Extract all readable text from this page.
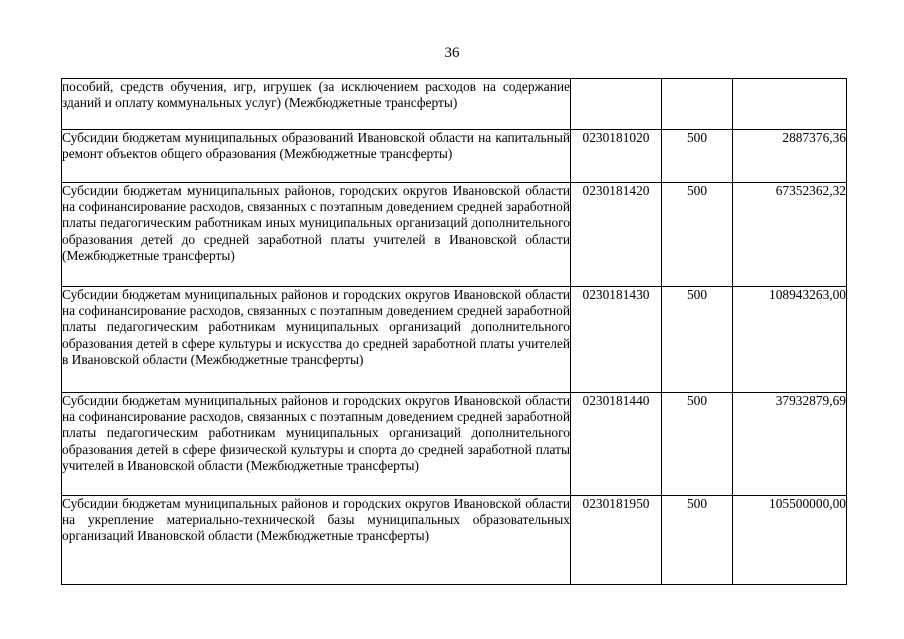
36
пособий, средств обучения, игр, игрушек (за исключением расходов на содержание зданий и оплату коммунальных услуг) (Межбюджетные трансферты)			
Субсидии бюджетам муниципальных образований Ивановской области на капитальный ремонт объектов общего образования (Межбюджетные трансферты)	0230181020	500	2887376,36
Субсидии бюджетам муниципальных районов, городских округов Ивановской области на софинансирование расходов, связанных с поэтапным доведением средней заработной платы педагогическим работникам иных муниципальных организаций дополнительного образования детей до средней заработной платы учителей в Ивановской области (Межбюджетные трансферты)	0230181420	500	67352362,32
Субсидии бюджетам муниципальных районов и городских округов Ивановской области на софинансирование расходов, связанных с поэтапным доведением средней заработной платы педагогическим работникам муниципальных организаций дополнительного образования детей в сфере культуры и искусства до средней заработной платы учителей в Ивановской области (Межбюджетные трансферты)	0230181430	500	108943263,00
Субсидии бюджетам муниципальных районов и городских округов Ивановской области на софинансирование расходов, связанных с поэтапным доведением средней заработной платы педагогическим работникам муниципальных организаций дополнительного образования детей в сфере физической культуры и спорта до средней заработной платы учителей в Ивановской области (Межбюджетные трансферты)	0230181440	500	37932879,69
Субсидии бюджетам муниципальных районов и городских округов Ивановской области на укрепление материально-технической базы муниципальных образовательных организаций Ивановской области (Межбюджетные трансферты)	0230181950	500	105500000,00
